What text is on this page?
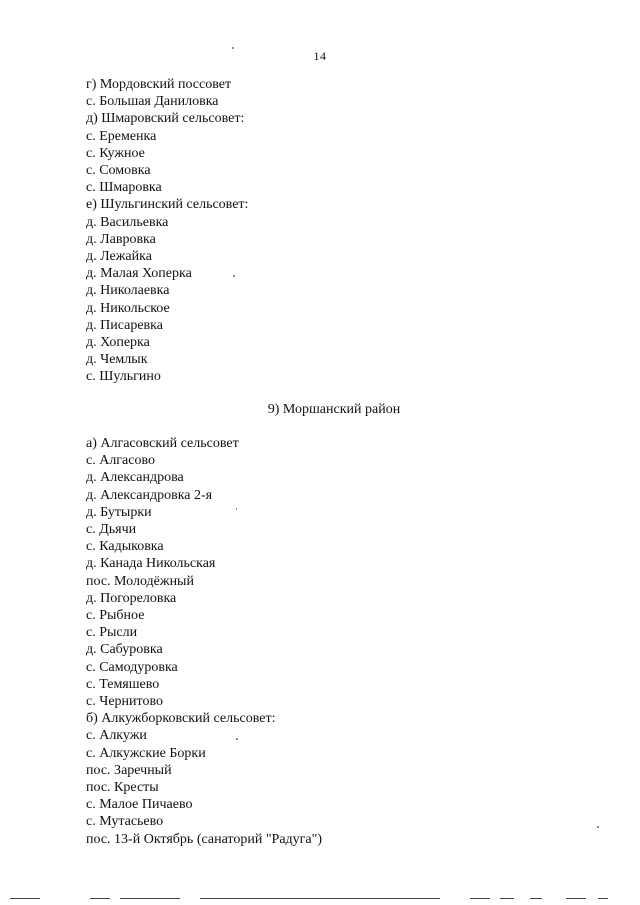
14
г) Мордовский поссовет
с. Большая Даниловка
д) Шмаровский сельсовет:
с. Еременка
с. Кужное
с. Сомовка
с. Шмаровка
е) Шульгинский сельсовет:
д. Васильевка
д. Лавровка
д. Лежайка
д. Малая Хоперка
д. Николаевка
д. Никольское
д. Писаревка
д. Хоперка
д. Чемлык
с. Шульгино
9) Моршанский район
а) Алгасовский сельсовет
с. Алгасово
д. Александрова
д. Александровка 2-я
д. Бутырки
с. Дьячи
с. Кадыковка
д. Канада Никольская
пос. Молодёжный
д. Погореловка
с. Рыбное
с. Рысли
д. Сабуровка
с. Самодуровка
с. Темяшево
с. Чернитово
б) Алкужборковский сельсовет:
с. Алкужи
с. Алкужские Борки
пос. Заречный
пос. Кресты
с. Малое Пичаево
с. Мутасьево
пос. 13-й Октябрь (санаторий "Радуга")
